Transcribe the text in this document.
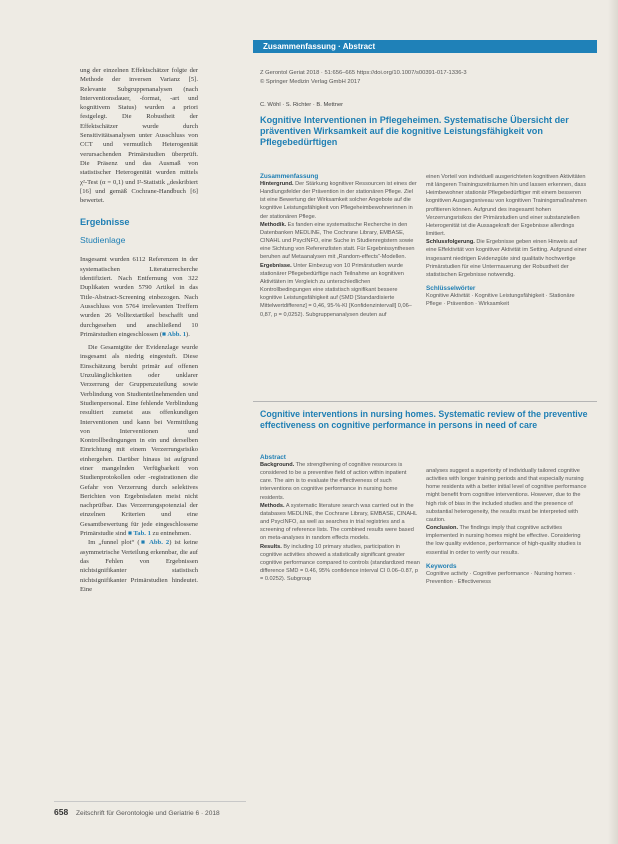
ung der einzelnen Effektschätzer folgte der Methode der inversen Varianz [5]. Relevante Subgruppenanalysen (nach Interventionsdauer, -format, -art und kognitivem Status) wurden a priori festgelegt. Die Robustheit der Effektschätzer wurde durch Sensitivitätsanalysen unter Ausschluss von CCT und vermutlich Heterogenität verursachenden Primärstudien überprüft. Die Präsenz und das Ausmaß von statistischer Heterogenität wurden mittels χ²-Test (α = 0,1) und I²-Statistik „deskribiert [16] und gemäß Cochrane-Handbuch [6] bewertet.

Ergebnisse
Studienlage

Insgesamt wurden 6112 Referenzen in der systematischen Literaturrecherche identifiziert. Nach Entfernung von 322 Duplikaten wurden 5790 Artikel in das Title-Abstract-Screening einbezogen. Nach Ausschluss von 5764 irrelevanten Treffern wurden 26 Volltextartikel beschafft und durchgesehen und anschließend 10 Primärstudien eingeschlossen (■ Abb. 1).

Die Gesamtgüte der Evidenzlage wurde insgesamt als niedrig eingestuft. Diese Einschätzung beruht primär auf offenen Unzulänglichkeiten oder unklarer Verzerrung der Gruppenzuteilung sowie Verblindung von Studienteilnehmenden und Studienpersonal. Eine fehlende Verblindung resultiert zumeist aus offenkundigen Interventionen und kann bei Vermittlung von Interventionen und Kontrollbedingungen in ein und derselben Einrichtung mit einem Verzerrungsrisiko einhergehen. Darüber hinaus ist aufgrund einer mangelnden Verfügbarkeit von Studienprotokollen oder -registrationen die Gefahr von Verzerrung durch selektives Berichten von Ergebnisdaten meist nicht nachprüfbar. Das Verzerrungspotenzial der einzelnen Kriterien und eine Gesamtbewertung für jede eingeschlossene Primärstudie sind ■ Tab. 1 zu entnehmen.

Im „funnel plot“ (■ Abb. 2) ist keine asymmetrische Verteilung erkennbar, die auf das Fehlen von Ergebnissen nichtsignifikanter statistisch nichtsignifikanter Primärstudien hindeutet. Eine

Zusammenfassung · Abstract
Z Gerontol Geriat 2018 · 51:656–665 https://doi.org/10.1007/s00391-017-1336-3
© Springer Medizin Verlag GmbH 2017
C. Wöhl · S. Richter · B. Mettner
Kognitive Interventionen in Pflegeheimen. Systematische Übersicht der präventiven Wirksamkeit auf die kognitive Leistungsfähigkeit von Pflegebedürftigen
Zusammenfassung

Hintergrund. Der Stärkung kognitiver Ressourcen ist eines der Handlungsfelder der Prävention in der stationären Pflege. Ziel ist eine Bewertung der Wirksamkeit solcher Angebote auf die kognitive Leistungsfähigkeit von Pflegeheimbewohnerinnen in der stationären Pflege.

Methodik. Es fanden eine systematische Recherche in den Datenbanken MEDLINE, The Cochrane Library, EMBASE, CINAHL und PsycINFO, eine Suche in Studienregistern sowie eine Sichtung von Referenzlisten statt. Für Ergebnissynthesen beruhen auf Metaanalysen mit „Random-effects“-Modellen.

Ergebnisse. Unter Einbezug von 10 Primärstudien wurde stationärer Pflegebedürftige nach Teilnahme an kognitiven Aktivitäten im Vergleich zu unterschiedlichen Kontrollbedingungen eine statistisch signifikant bessere kognitive Leistungsfähigkeit auf (SMD [Standardisierte Mittelwertdifferenz] = 0,46, 95-%-KI [Konfidenzintervall] 0,06–0,87, p = 0,0252). Subgruppenanalysen deuten auf

einen Vorteil von individuell ausgerichteten kognitiven Aktivitäten mit längeren Trainingszeiträumen hin und lassen erkennen, dass Heimbewohner stationär Pflegebedürftiger mit einem besseren kognitiven Ausgangsniveau von kognitiven Trainingsmaßnahmen profitieren können. Aufgrund des insgesamt hohen Verzerrungsrisikos der Primärstudien und einer substanziellen Heterogenität ist die Aussagekraft der Ergebnisse allerdings limitiert.

Schlussfolgerung. Die Ergebnisse geben einen Hinweis auf eine Effektivität von kognitiver Aktivität im Setting. Aufgrund einer insgesamt niedrigen Evidenzgüte sind qualitativ hochwertige Primärstudien für eine Untermauerung der Robustheit der statistischen Ergebnisse notwendig.

Schlüsselwörter

Kognitive Aktivität · Kognitive Leistungsfähigkeit · Stationäre Pflege · Prävention · Wirksamkeit

Cognitive interventions in nursing homes. Systematic review of the preventive effectiveness on cognitive performance in persons in need of care
Abstract

Background. The strengthening of cognitive resources is considered to be a preventive field of action within inpatient care. The aim is to evaluate the effectiveness of such interventions on cognitive performance in nursing home residents.

Methods. A systematic literature search was carried out in the databases MEDLINE, the Cochrane Library, EMBASE, CINAHL and PsycINFO, as well as searches in trial registries and a screening of reference lists. The combined results were based on meta-analyses in random effects models.

Results. By including 10 primary studies, participation in cognitive activities showed a statistically significant greater cognitive performance compared to controls (standardized mean difference SMD = 0.46, 95% confidence interval CI 0.06–0.87, p = 0.0252). Subgroup

analyses suggest a superiority of individually tailored cognitive activities with longer training periods and that especially nursing home residents with a better initial level of cognitive performance might benefit from cognitive interventions. However, due to the high risk of bias in the included studies and the presence of substantial heterogeneity, the results must be interpreted with caution.

Conclusion. The findings imply that cognitive activities implemented in nursing homes might be effective. Considering the low quality evidence, performance of high-quality studies is essential in order to verify our results.

Keywords

Cognitive activity · Cognitive performance · Nursing homes · Prevention · Effectiveness

658 Zeitschrift für Gerontologie und Geriatrie 6 · 2018
